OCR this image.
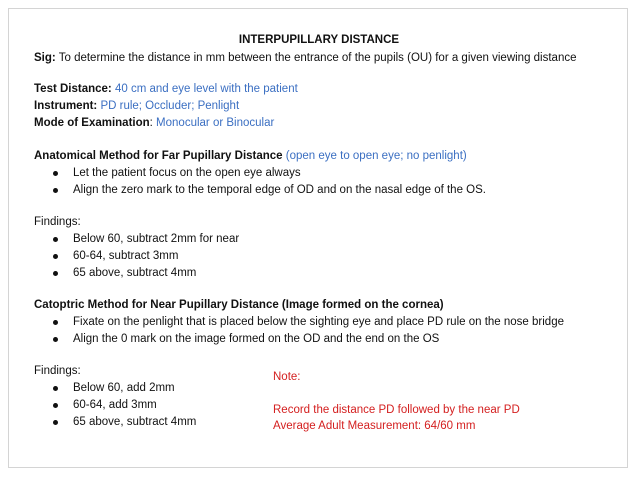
INTERPUPILLARY DISTANCE
Sig: To determine the distance in mm between the entrance of the pupils (OU) for a given viewing distance
Test Distance: 40 cm and eye level with the patient
Instrument: PD rule; Occluder; Penlight
Mode of Examination: Monocular or Binocular
Anatomical Method for Far Pupillary Distance (open eye to open eye; no penlight)
Let the patient focus on the open eye always
Align the zero mark to the temporal edge of OD and on the nasal edge of the OS.
Findings:
Below 60, subtract 2mm for near
60-64, subtract 3mm
65 above, subtract 4mm
Catoptric Method for Near Pupillary Distance (Image formed on the cornea)
Fixate on the penlight that is placed below the sighting eye and place PD rule on the nose bridge
Align the 0 mark on the image formed on the OD and the end on the OS
Findings:
Below 60, add 2mm
60-64, add 3mm
65 above, subtract 4mm
Note:
Record the distance PD followed by the near PD
Average Adult Measurement: 64/60 mm
